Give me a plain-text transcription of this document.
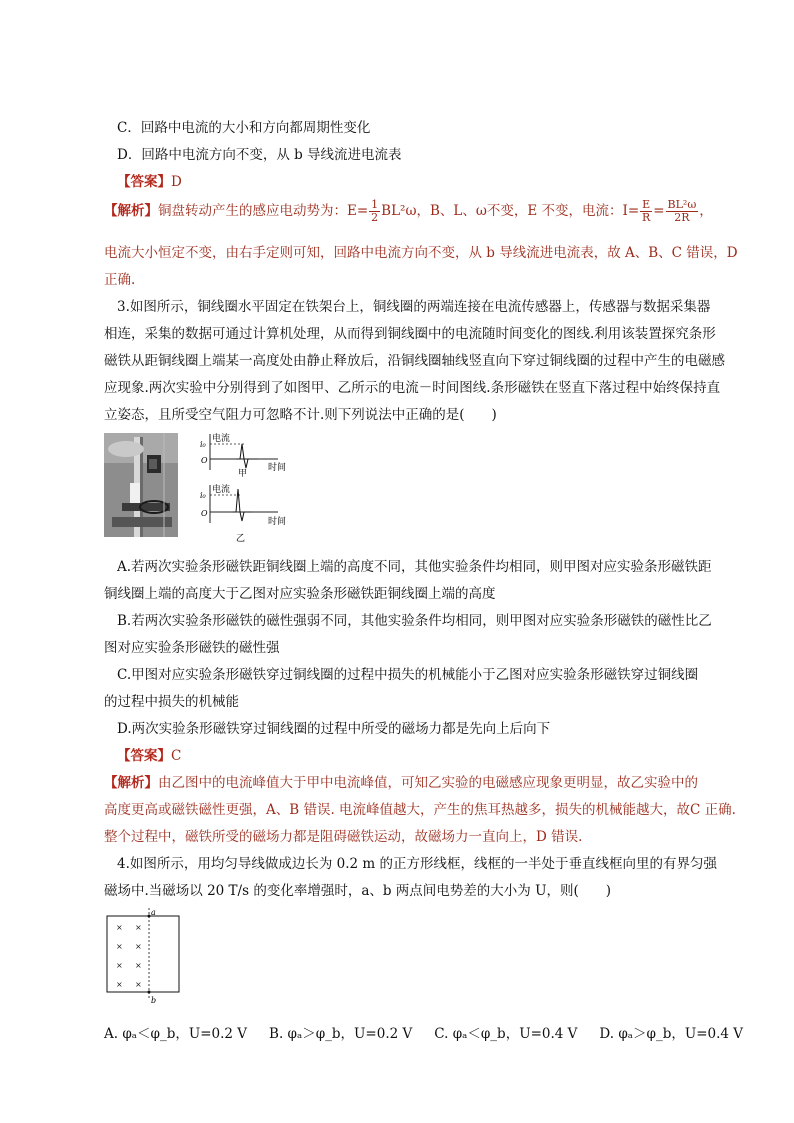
C．回路中电流的大小和方向都周期性变化
D．回路中电流方向不变，从 b 导线流进电流表
【答案】D
【解析】铜盘转动产生的感应电动势为：$E= \frac{1}{2} BL^2\omega$，B、L、ω不变，E 不变，电流：$I= \frac{E}{R} = \frac{\text{BL²ω}}{2R}$ ，
电流大小恒定不变，由右手定则可知，回路中电流方向不变，从 b 导线流进电流表，故 A、B、C 错误，D
正确.
3.如图所示，铜线圈水平固定在铁架台上，铜线圈的两端连接在电流传感器上，传感器与数据采集器
相连，采集的数据可通过计算机处理，从而得到铜线圈中的电流随时间变化的图线.利用该装置探究条形
磁铁从距铜线圈上端某一高度处由静止释放后，沿铜线圈轴线竖直向下穿过铜线圈的过程中产生的电磁感
应现象.两次实验中分别得到了如图甲、乙所示的电流－时间图线.条形磁铁在竖直下落过程中始终保持直
立姿态，且所受空气阻力可忽略不计.则下列说法中正确的是(　　)
电流
i₀
O
时间
甲
电流
i₀
O
时间
乙
A.若两次实验条形磁铁距铜线圈上端的高度不同，其他实验条件均相同，则甲图对应实验条形磁铁距
铜线圈上端的高度大于乙图对应实验条形磁铁距铜线圈上端的高度
B.若两次实验条形磁铁的磁性强弱不同，其他实验条件均相同，则甲图对应实验条形磁铁的磁性比乙
图对应实验条形磁铁的磁性强
C.甲图对应实验条形磁铁穿过铜线圈的过程中损失的机械能小于乙图对应实验条形磁铁穿过铜线圈
的过程中损失的机械能
D.两次实验条形磁铁穿过铜线圈的过程中所受的磁场力都是先向上后向下
【答案】C
【解析】由乙图中的电流峰值大于甲中电流峰值，可知乙实验的电磁感应现象更明显，故乙实验中的
高度更高或磁铁磁性更强，A、B 错误. 电流峰值越大，产生的焦耳热越多，损失的机械能越大，故C 正确.
整个过程中，磁铁所受的磁场力都是阻碍磁铁运动，故磁场力一直向上，D 错误.
4.如图所示，用均匀导线做成边长为 0.2 m 的正方形线框，线框的一半处于垂直线框向里的有界匀强
磁场中.当磁场以 20 T/s 的变化率增强时，a、b 两点间电势差的大小为 U，则(　　)
a
b
× ×
× ×
× ×
× ×
A. φₐ＜φ_b，U=0.2 V B. φₐ＞φ_b，U=0.2 V C. φₐ＜φ_b，U=0.4 V D. φₐ＞φ_b，U=0.4 V
